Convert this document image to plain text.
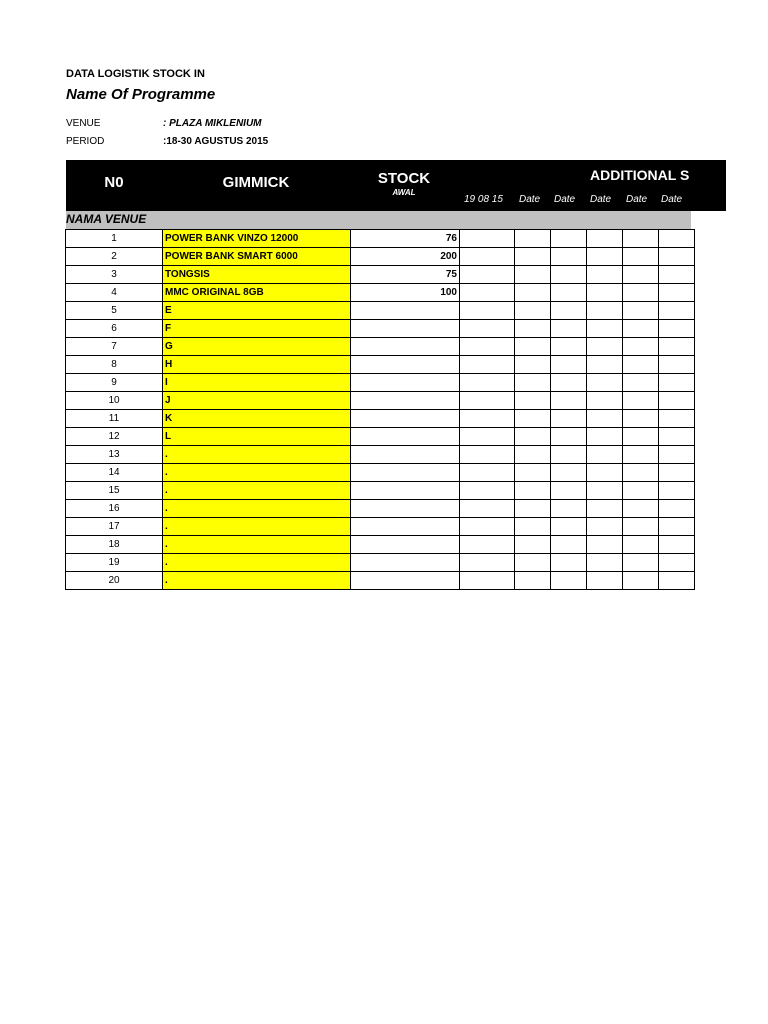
DATA LOGISTIK STOCK IN
Name Of Programme
VENUE	: PLAZA MIKLENIUM
PERIOD	:18-30 AGUSTUS 2015
N0	GIMMICK	STOCK
AWAL
ADDITIONAL S
19 08 15 Date Date Date Date Date
NAMA VENUE
1	POWER BANK VINZO 12000	76						
2	POWER BANK SMART 6000	200						
3	TONGSIS	75						
4	MMC ORIGINAL 8GB	100						
5	E							
6	F							
7	G							
8	H							
9	I							
10	J							
11	K							
12	L							
13	.							
14	.							
15	.							
16	.							
17	.							
18	.							
19	.							
20	.							
